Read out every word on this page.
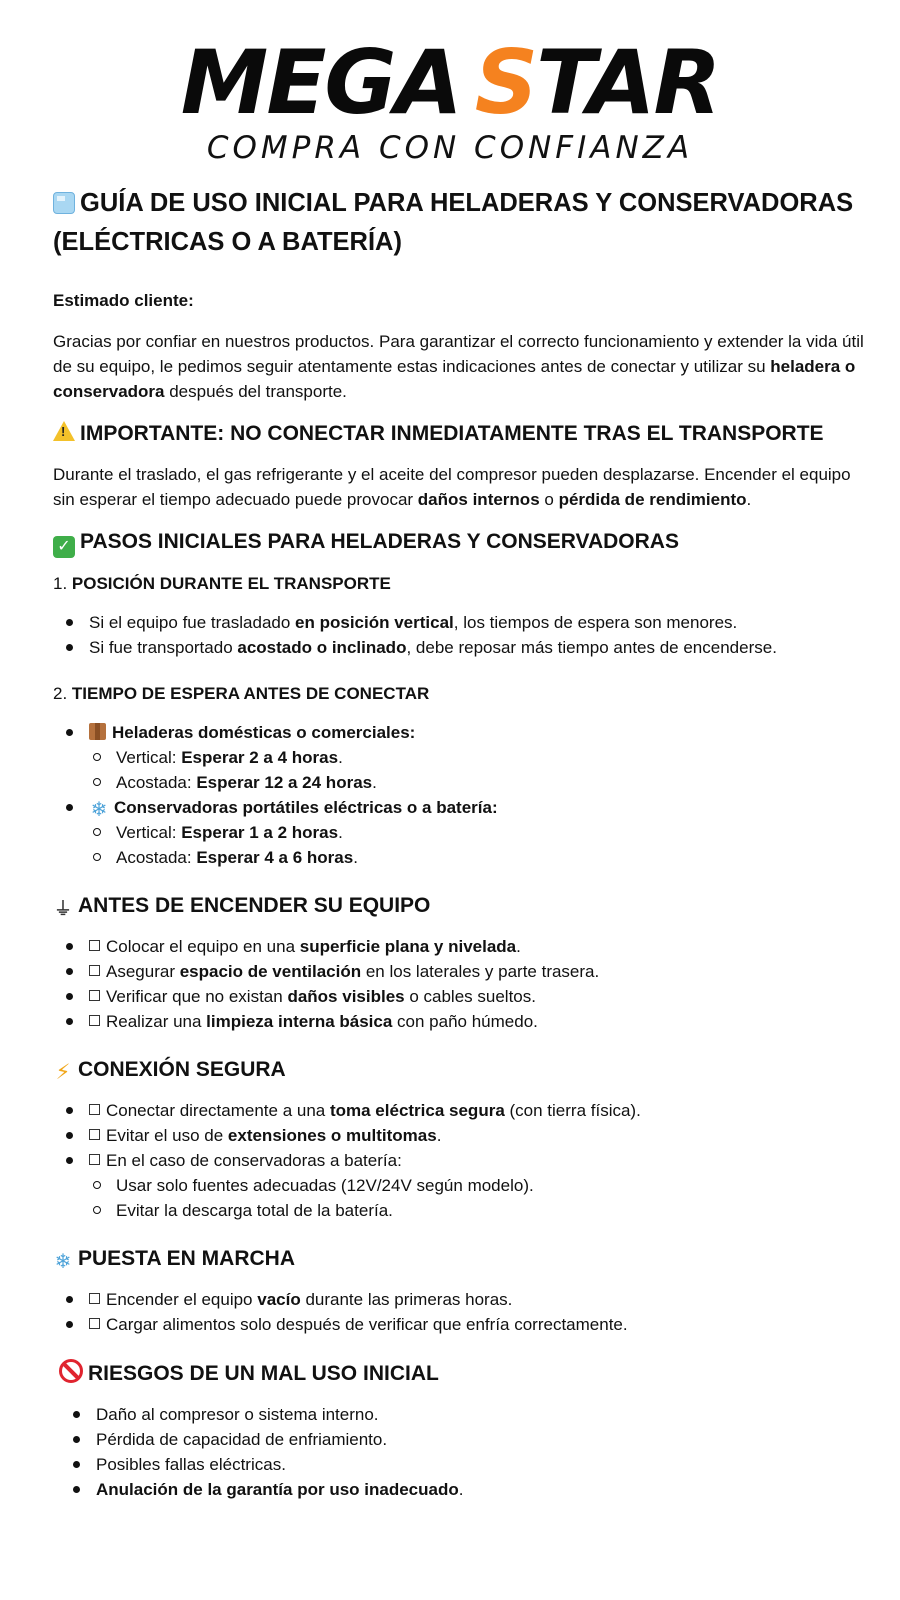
MEGA STAR
COMPRA CON CONFIANZA
GUÍA DE USO INICIAL PARA HELADERAS Y CONSERVADORAS (ELÉCTRICAS O A BATERÍA)

Estimado cliente:

Gracias por confiar en nuestros productos. Para garantizar el correcto funcionamiento y extender la vida útil de su equipo, le pedimos seguir atentamente estas indicaciones antes de conectar y utilizar su heladera o conservadora después del transporte.

!IMPORTANTE: NO CONECTAR INMEDIATAMENTE TRAS EL TRANSPORTE

Durante el traslado, el gas refrigerante y el aceite del compresor pueden desplazarse. Encender el equipo sin esperar el tiempo adecuado puede provocar daños internos o pérdida de rendimiento.

✓ PASOS INICIALES PARA HELADERAS Y CONSERVADORAS
1. POSICIÓN DURANTE EL TRANSPORTE
Si el equipo fue trasladado en posición vertical, los tiempos de espera son menores.
Si fue transportado acostado o inclinado, debe reposar más tiempo antes de encenderse.
2. TIEMPO DE ESPERA ANTES DE CONECTAR
Heladeras domésticas o comerciales:
Vertical: Esperar 2 a 4 horas.
Acostada: Esperar 12 a 24 horas.
❄ Conservadoras portátiles eléctricas o a batería:
Vertical: Esperar 1 a 2 horas.
Acostada: Esperar 4 a 6 horas.
⏚ ANTES DE ENCENDER SU EQUIPO
Colocar el equipo en una superficie plana y nivelada.
Asegurar espacio de ventilación en los laterales y parte trasera.
Verificar que no existan daños visibles o cables sueltos.
Realizar una limpieza interna básica con paño húmedo.
⚡ CONEXIÓN SEGURA
Conectar directamente a una toma eléctrica segura (con tierra física).
Evitar el uso de extensiones o multitomas.
En el caso de conservadoras a batería:
Usar solo fuentes adecuadas (12V/24V según modelo).
Evitar la descarga total de la batería.
❄ PUESTA EN MARCHA
Encender el equipo vacío durante las primeras horas.
Cargar alimentos solo después de verificar que enfría correctamente.
RIESGOS DE UN MAL USO INICIAL
Daño al compresor o sistema interno.
Pérdida de capacidad de enfriamiento.
Posibles fallas eléctricas.
Anulación de la garantía por uso inadecuado.
